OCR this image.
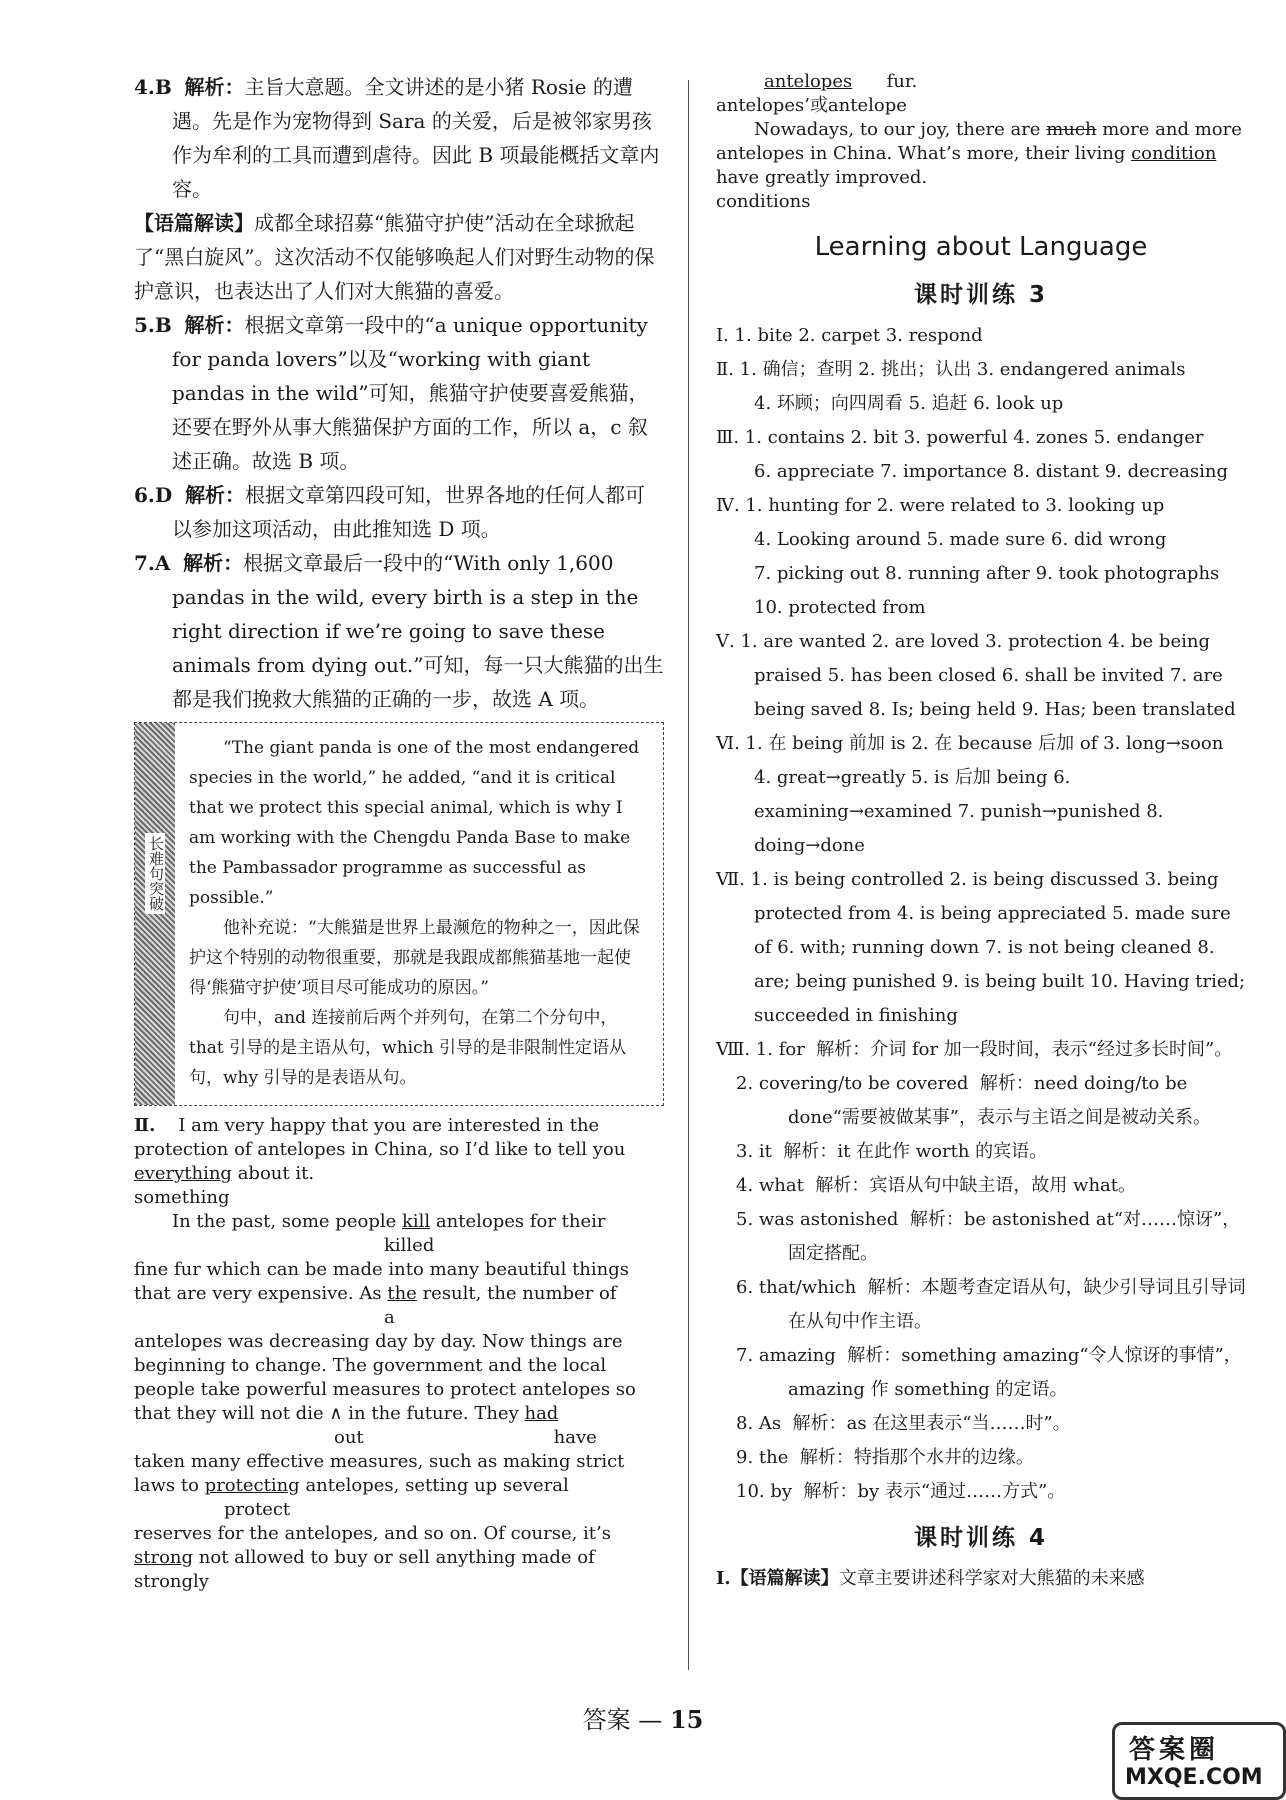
4.B 解析：主旨大意题。全文讲述的是小猪 Rosie 的遭遇。先是作为宠物得到 Sara 的关爱，后是被邻家男孩作为牟利的工具而遭到虐待。因此 B 项最能概括文章内容。

【语篇解读】成都全球招募“熊猫守护使”活动在全球掀起了“黑白旋风”。这次活动不仅能够唤起人们对野生动物的保护意识，也表达出了人们对大熊猫的喜爱。

5.B 解析：根据文章第一段中的“a unique opportunity for panda lovers”以及“working with giant pandas in the wild”可知，熊猫守护使要喜爱熊猫，还要在野外从事大熊猫保护方面的工作，所以 a，c 叙述正确。故选 B 项。

6.D 解析：根据文章第四段可知，世界各地的任何人都可以参加这项活动，由此推知选 D 项。

7.A 解析：根据文章最后一段中的“With only 1,600 pandas in the wild, every birth is a step in the right direction if we’re going to save these animals from dying out.”可知，每一只大熊猫的出生都是我们挽救大熊猫的正确的一步，故选 A 项。

长难句突破

“The giant panda is one of the most endangered species in the world,” he added, “and it is critical that we protect this special animal, which is why I am working with the Chengdu Panda Base to make the Pambassador programme as successful as possible.”

他补充说：“大熊猫是世界上最濒危的物种之一，因此保护这个特别的动物很重要，那就是我跟成都熊猫基地一起使得‘熊猫守护使’项目尽可能成功的原因。”

句中，and 连接前后两个并列句，在第二个分句中，that 引导的是主语从句，which 引导的是非限制性定语从句，why 引导的是表语从句。

Ⅱ. I am very happy that you are interested in the protection of antelopes in China, so I’d like to tell you everything about it.

something

In the past, some people kill antelopes for their

killed

fine fur which can be made into many beautiful things that are very expensive. As the result, the number of

a

antelopes was decreasing day by day. Now things are beginning to change. The government and the local people take powerful measures to protect antelopes so that they will not die ∧ in the future. They had

out	have

taken many effective measures, such as making strict laws to protecting antelopes, setting up several

protect

reserves for the antelopes, and so on. Of course, it’s strong not allowed to buy or sell anything made of

strongly

antelopes fur.

antelopes’或antelope

Nowadays, to our joy, there are much more and more antelopes in China. What’s more, their living condition have greatly improved.

conditions

Learning about Language
课时训练 3

Ⅰ. 1. bite 2. carpet 3. respond

Ⅱ. 1. 确信；查明 2. 挑出；认出 3. endangered animals

4. 环顾；向四周看 5. 追赶 6. look up

Ⅲ. 1. contains 2. bit 3. powerful 4. zones 5. endanger

6. appreciate 7. importance 8. distant 9. decreasing

Ⅳ. 1. hunting for 2. were related to 3. looking up

4. Looking around 5. made sure 6. did wrong

7. picking out 8. running after 9. took photographs

10. protected from

Ⅴ. 1. are wanted 2. are loved 3. protection 4. be being praised 5. has been closed 6. shall be invited 7. are being saved 8. Is; being held 9. Has; been translated

Ⅵ. 1. 在 being 前加 is 2. 在 because 后加 of 3. long→soon 4. great→greatly 5. is 后加 being 6. examining→examined 7. punish→punished 8. doing→done

Ⅶ. 1. is being controlled 2. is being discussed 3. being protected from 4. is being appreciated 5. made sure of 6. with; running down 7. is not being cleaned 8. are; being punished 9. is being built 10. Having tried; succeeded in finishing

Ⅷ. 1. for 解析：介词 for 加一段时间，表示“经过多长时间”。

2. covering/to be covered 解析：need doing/to be done“需要被做某事”，表示与主语之间是被动关系。

3. it 解析：it 在此作 worth 的宾语。

4. what 解析：宾语从句中缺主语，故用 what。

5. was astonished 解析：be astonished at“对……惊讶”，固定搭配。

6. that/which 解析：本题考查定语从句，缺少引导词且引导词在从句中作主语。

7. amazing 解析：something amazing“令人惊讶的事情”，amazing 作 something 的定语。

8. As 解析：as 在这里表示“当……时”。

9. the 解析：特指那个水井的边缘。

10. by 解析：by 表示“通过……方式”。

课时训练 4

Ⅰ.【语篇解读】文章主要讲述科学家对大熊猫的未来感

答案 — 15
答案圈
MXQE.COM
